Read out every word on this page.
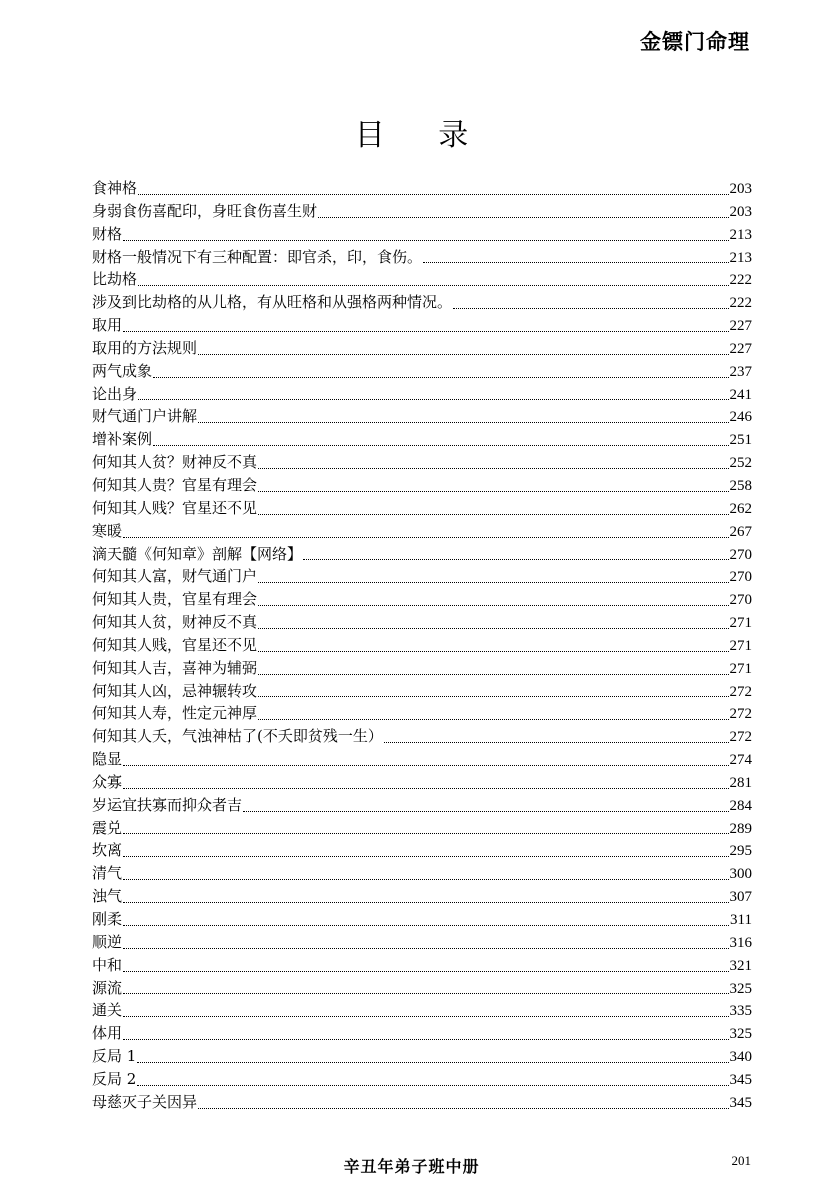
金镖门命理
目 录
食神格	203
身弱食伤喜配印，身旺食伤喜生财	203
财格	213
财格一般情况下有三种配置：即官杀，印，食伤。	213
比劫格	222
涉及到比劫格的从儿格，有从旺格和从强格两种情况。	222
取用	227
取用的方法规则	227
两气成象	237
论出身	241
财气通门户讲解	246
增补案例	251
何知其人贫？财神反不真	252
何知其人贵？官星有理会	258
何知其人贱？官星还不见	262
寒暖	267
滴天髓《何知章》剖解【网络】	270
何知其人富，财气通门户	270
何知其人贵，官星有理会	270
何知其人贫，财神反不真	271
何知其人贱，官星还不见	271
何知其人吉，喜神为辅弼	271
何知其人凶，忌神辗转攻	272
何知其人寿，性定元神厚	272
何知其人夭，气浊神枯了(不夭即贫残一生）	272
隐显	274
众寡	281
岁运宜扶寡而抑众者吉	284
震兑	289
坎离	295
清气	300
浊气	307
刚柔	311
顺逆	316
中和	321
源流	325
通关	335
体用	325
反局 1	340
反局 2	345
母慈灭子关因异	345
辛丑年弟子班中册	201
